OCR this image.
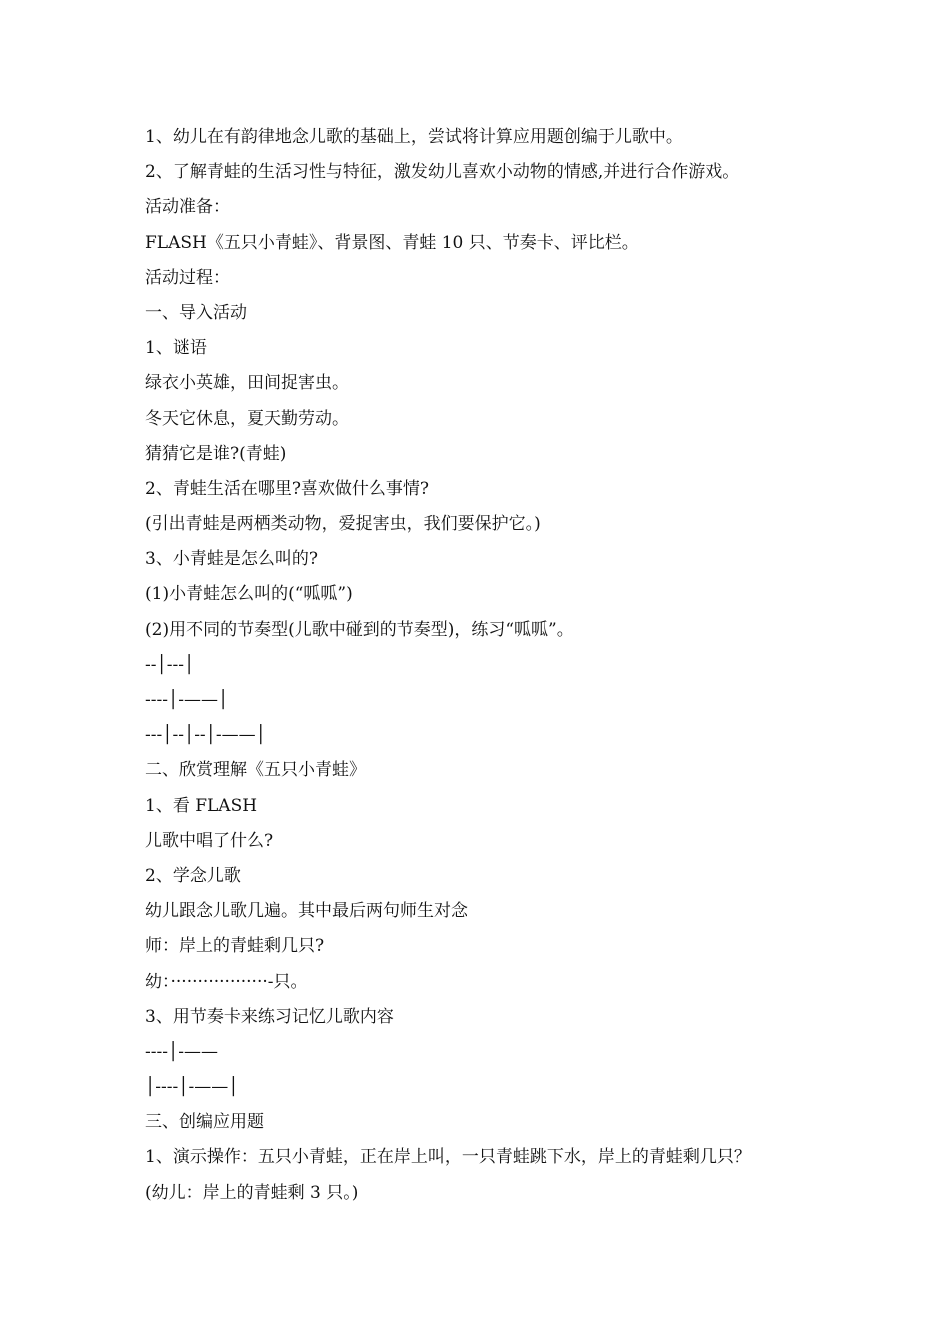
1、幼儿在有韵律地念儿歌的基础上，尝试将计算应用题创编于儿歌中。
2、了解青蛙的生活习性与特征，激发幼儿喜欢小动物的情感,并进行合作游戏。
活动准备：
FLASH《五只小青蛙》、背景图、青蛙 10 只、节奏卡、评比栏。
活动过程：
一、导入活动
1、谜语
绿衣小英雄，田间捉害虫。
冬天它休息，夏天勤劳动。
猜猜它是谁?(青蛙)
2、青蛙生活在哪里?喜欢做什么事情?
(引出青蛙是两栖类动物，爱捉害虫，我们要保护它。)
3、小青蛙是怎么叫的?
(1)小青蛙怎么叫的(“呱呱”)
(2)用不同的节奏型(儿歌中碰到的节奏型)，练习“呱呱”。
--│---│
----│-——│
---│--│--│-——│
二、欣赏理解《五只小青蛙》
1、看 FLASH
儿歌中唱了什么?
2、学念儿歌
幼儿跟念儿歌几遍。其中最后两句师生对念
师：岸上的青蛙剩几只?
幼：··················-只。
3、用节奏卡来练习记忆儿歌内容
----│-——
│----│-——│
三、创编应用题
1、演示操作：五只小青蛙，正在岸上叫，一只青蛙跳下水，岸上的青蛙剩几只？
(幼儿：岸上的青蛙剩 3 只。)
